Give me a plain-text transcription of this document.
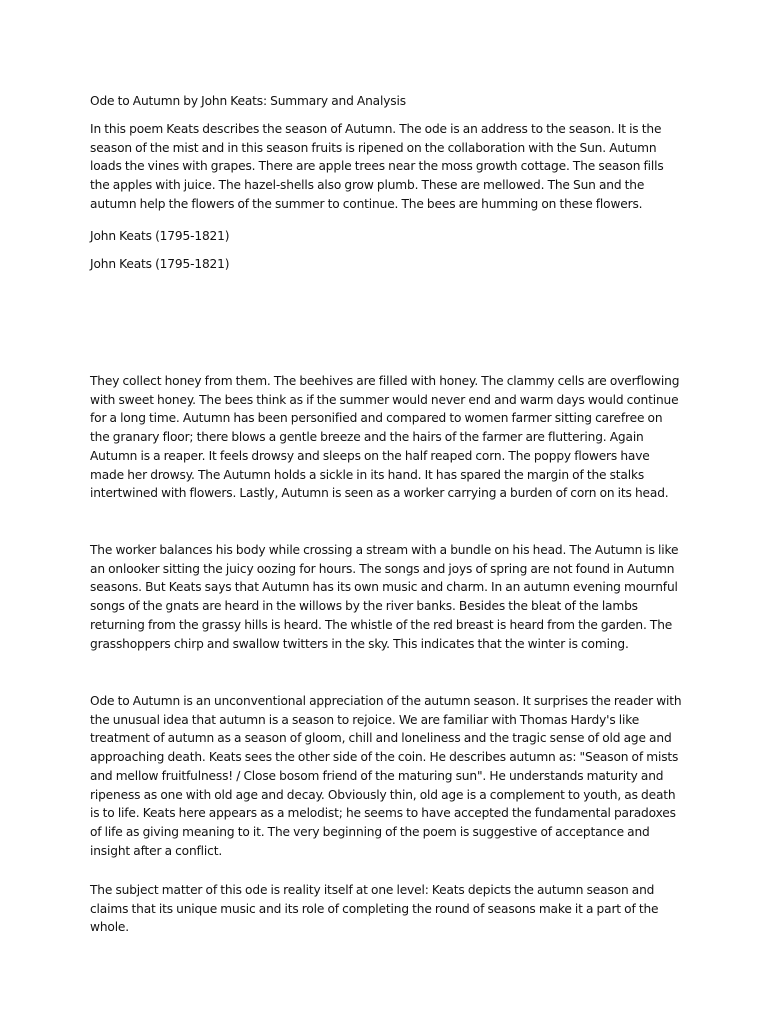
Ode to Autumn by John Keats: Summary and Analysis

In this poem Keats describes the season of Autumn. The ode is an address to the season. It is the season of the mist and in this season fruits is ripened on the collaboration with the Sun. Autumn loads the vines with grapes. There are apple trees near the moss growth cottage. The season fills the apples with juice. The hazel-shells also grow plumb. These are mellowed. The Sun and the autumn help the flowers of the summer to continue. The bees are humming on these flowers.

John Keats (1795-1821)

John Keats (1795-1821)

They collect honey from them. The beehives are filled with honey. The clammy cells are overflowing with sweet honey. The bees think as if the summer would never end and warm days would continue for a long time. Autumn has been personified and compared to women farmer sitting carefree on the granary floor; there blows a gentle breeze and the hairs of the farmer are fluttering. Again Autumn is a reaper. It feels drowsy and sleeps on the half reaped corn. The poppy flowers have made her drowsy. The Autumn holds a sickle in its hand. It has spared the margin of the stalks intertwined with flowers. Lastly, Autumn is seen as a worker carrying a burden of corn on its head.

The worker balances his body while crossing a stream with a bundle on his head. The Autumn is like an onlooker sitting the juicy oozing for hours. The songs and joys of spring are not found in Autumn seasons. But Keats says that Autumn has its own music and charm. In an autumn evening mournful songs of the gnats are heard in the willows by the river banks. Besides the bleat of the lambs returning from the grassy hills is heard. The whistle of the red breast is heard from the garden. The grasshoppers chirp and swallow twitters in the sky. This indicates that the winter is coming.

Ode to Autumn is an unconventional appreciation of the autumn season. It surprises the reader with the unusual idea that autumn is a season to rejoice. We are familiar with Thomas Hardy's like treatment of autumn as a season of gloom, chill and loneliness and the tragic sense of old age and approaching death. Keats sees the other side of the coin. He describes autumn as: "Season of mists and mellow fruitfulness! / Close bosom friend of the maturing sun". He understands maturity and ripeness as one with old age and decay. Obviously thin, old age is a complement to youth, as death is to life. Keats here appears as a melodist; he seems to have accepted the fundamental paradoxes of life as giving meaning to it. The very beginning of the poem is suggestive of acceptance and insight after a conflict.

The subject matter of this ode is reality itself at one level: Keats depicts the autumn season and claims that its unique music and its role of completing the round of seasons make it a part of the whole.
